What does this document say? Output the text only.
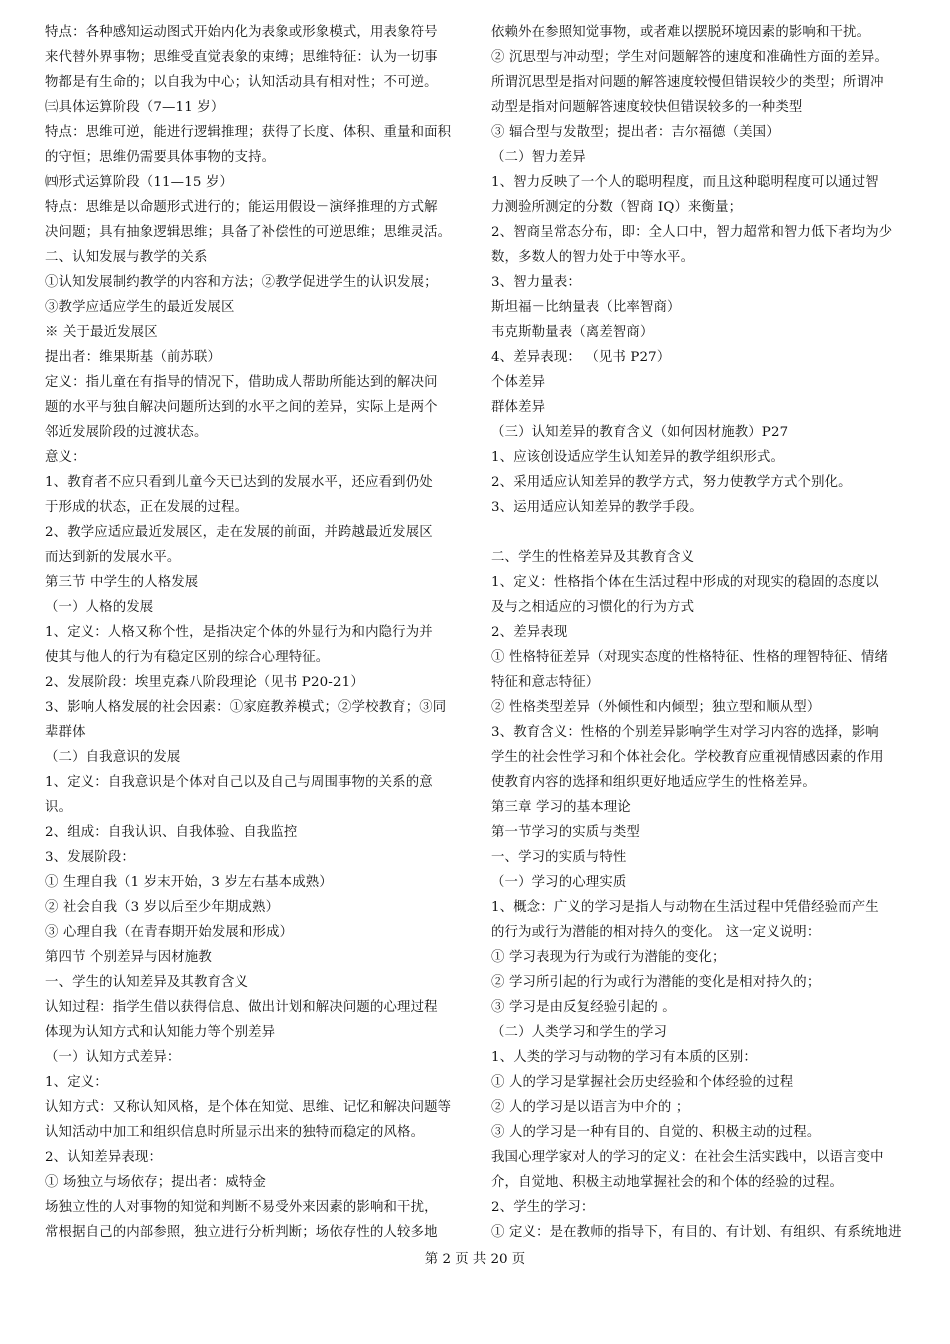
特点：各种感知运动图式开始内化为表象或形象模式，用表象符号
来代替外界事物；思维受直觉表象的束缚；思维特征：认为一切事
物都是有生命的；以自我为中心；认知活动具有相对性；不可逆。
㈢具体运算阶段（7—11 岁）
特点：思维可逆，能进行逻辑推理；获得了长度、体积、重量和面积
的守恒；思维仍需要具体事物的支持。
㈣形式运算阶段（11—15 岁）
特点：思维是以命题形式进行的；能运用假设－演绎推理的方式解
决问题；具有抽象逻辑思维；具备了补偿性的可逆思维；思维灵活。
二、认知发展与教学的关系
①认知发展制约教学的内容和方法；②教学促进学生的认识发展；
③教学应适应学生的最近发展区
※ 关于最近发展区
提出者：维果斯基（前苏联）
定义：指儿童在有指导的情况下，借助成人帮助所能达到的解决问
题的水平与独自解决问题所达到的水平之间的差异，实际上是两个
邻近发展阶段的过渡状态。
意义：
1、教育者不应只看到儿童今天已达到的发展水平，还应看到仍处
于形成的状态，正在发展的过程。
2、教学应适应最近发展区，走在发展的前面，并跨越最近发展区
而达到新的发展水平。
第三节 中学生的人格发展
（一）人格的发展
1、定义：人格又称个性，是指决定个体的外显行为和内隐行为并
使其与他人的行为有稳定区别的综合心理特征。
2、发展阶段：埃里克森八阶段理论（见书 P20-21）
3、影响人格发展的社会因素：①家庭教养模式；②学校教育；③同
辈群体
（二）自我意识的发展
1、定义：自我意识是个体对自己以及自己与周围事物的关系的意
识。
2、组成：自我认识、自我体验、自我监控
3、发展阶段：
① 生理自我（1 岁末开始，3 岁左右基本成熟）
② 社会自我（3 岁以后至少年期成熟）
③ 心理自我（在青春期开始发展和形成）
第四节 个别差异与因材施教
一、学生的认知差异及其教育含义
认知过程：指学生借以获得信息、做出计划和解决问题的心理过程
体现为认知方式和认知能力等个别差异
（一）认知方式差异：
1、定义：
认知方式：又称认知风格，是个体在知觉、思维、记忆和解决问题等
认知活动中加工和组织信息时所显示出来的独特而稳定的风格。
2、认知差异表现：
① 场独立与场依存；提出者：威特金
场独立性的人对事物的知觉和判断不易受外来因素的影响和干扰，
常根据自己的内部参照，独立进行分析判断；场依存性的人较多地
依赖外在参照知觉事物，或者难以摆脱环境因素的影响和干扰。
② 沉思型与冲动型；学生对问题解答的速度和准确性方面的差异。
所谓沉思型是指对问题的解答速度较慢但错误较少的类型；所谓冲
动型是指对问题解答速度较快但错误较多的一种类型
③ 辐合型与发散型；提出者：吉尔福德（美国）
（二）智力差异
1、智力反映了一个人的聪明程度，而且这种聪明程度可以通过智
力测验所测定的分数（智商 IQ）来衡量；
2、智商呈常态分布，即：全人口中，智力超常和智力低下者均为少
数，多数人的智力处于中等水平。
3、智力量表：
斯坦福－比纳量表（比率智商）
韦克斯勒量表（离差智商）
4、差异表现： （见书 P27）
个体差异
群体差异
（三）认知差异的教育含义（如何因材施教）P27
1、应该创设适应学生认知差异的教学组织形式。
2、采用适应认知差异的教学方式，努力使教学方式个别化。
3、运用适应认知差异的教学手段。
二、学生的性格差异及其教育含义
1、定义：性格指个体在生活过程中形成的对现实的稳固的态度以
及与之相适应的习惯化的行为方式
2、差异表现
① 性格特征差异（对现实态度的性格特征、性格的理智特征、情绪
特征和意志特征）
② 性格类型差异（外倾性和内倾型；独立型和顺从型）
3、教育含义：性格的个别差异影响学生对学习内容的选择，影响
学生的社会性学习和个体社会化。学校教育应重视情感因素的作用
使教育内容的选择和组织更好地适应学生的性格差异。
第三章 学习的基本理论
第一节学习的实质与类型
一、学习的实质与特性
（一）学习的心理实质
1、概念：广义的学习是指人与动物在生活过程中凭借经验而产生
的行为或行为潜能的相对持久的变化。 这一定义说明：
① 学习表现为行为或行为潜能的变化；
② 学习所引起的行为或行为潜能的变化是相对持久的；
③ 学习是由反复经验引起的 。
（二）人类学习和学生的学习
1、人类的学习与动物的学习有本质的区别：
① 人的学习是掌握社会历史经验和个体经验的过程
② 人的学习是以语言为中介的 ；
③ 人的学习是一种有目的、自觉的、积极主动的过程。
我国心理学家对人的学习的定义：在社会生活实践中，以语言变中
介，自觉地、积极主动地掌握社会的和个体的经验的过程。
2、学生的学习：
① 定义：是在教师的指导下，有目的、有计划、有组织、有系统地进
第 2 页 共 20 页
